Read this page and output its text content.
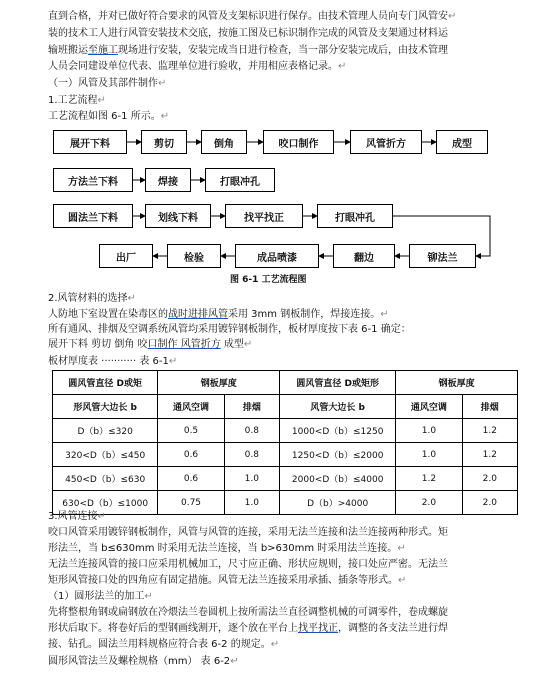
直到合格，并对已做好符合要求的风管及支架标识进行保存。由技术管理人员向专门风管安↵
装的技术工人进行风管安装技术交底，按施工图及已标识制作完成的风管及支架通过材料运
输班搬运至施工现场进行安装，安装完成当日进行检查，当一部分安装完成后，由技术管理
人员会同建设单位代表、监理单位进行验收，并用相应表格记录。↵
（一）风管及其部件制作↵
1.工艺流程↵
工艺流程如图 6-1 所示。↵
展开下料	剪切	倒角	咬口制作	风管折方	成型
方法兰下料	焊接	打眼冲孔
圆法兰下料	划线下料	找平找正	打眼冲孔
出厂	检验	成品喷漆	翻边	铆法兰
图 6-1 工艺流程图
2.风管材料的选择↵
人防地下室设置在染毒区的战时进排风管采用 3mm 钢板制作，焊接连接。↵
所有通风、排烟及空调系统风管均采用镀锌钢板制作，板材厚度按下表 6-1 确定：
展开下料 剪切 倒角 咬口制作 风管折方 成型↵
板材厚度表 ··········· 表 6-1↵
圆风管直径 D或矩	钢板厚度		圆风管直径 D或矩形	钢板厚度	
形风管大边长 b	通风空调	排烟	风管大边长 b	通风空调	排烟
D（b）≤320	0.5	0.8	1000<D（b）≤1250	1.0	1.2
320<D（b）≤450	0.6	0.8	1250<D（b）≤2000	1.0	1.2
450<D（b）≤630	0.6	1.0	2000<D（b）≤4000	1.2	2.0
630<D（b）≤1000	0.75	1.0	D（b）>4000	2.0	2.0
3.风管连接↵
咬口风管采用镀锌钢板制作，风管与风管的连接，采用无法兰连接和法兰连接两种形式。矩
形法兰，当 b≤630mm 时采用无法兰连接，当 b>630mm 时采用法兰连接。↵
无法兰连接风管的接口应采用机械加工，尺寸应正确、形状应规则，接口处应严密。无法兰
矩形风管接口处的四角应有固定措施。风管无法兰连接采用承插、插条等形式。↵
（1）圆形法兰的加工↵
先将整根角钢或扁钢放在冷煨法兰卷圆机上按所需法兰直径调整机械的可调零件，卷成螺旋
形状后取下。将卷好后的型钢画线割开，逐个放在平台上找平找正，调整的各支法兰进行焊
接、钻孔。圆法兰用料规格应符合表 6-2 的规定。↵
圆形风管法兰及螺栓规格（mm） 表 6-2↵
